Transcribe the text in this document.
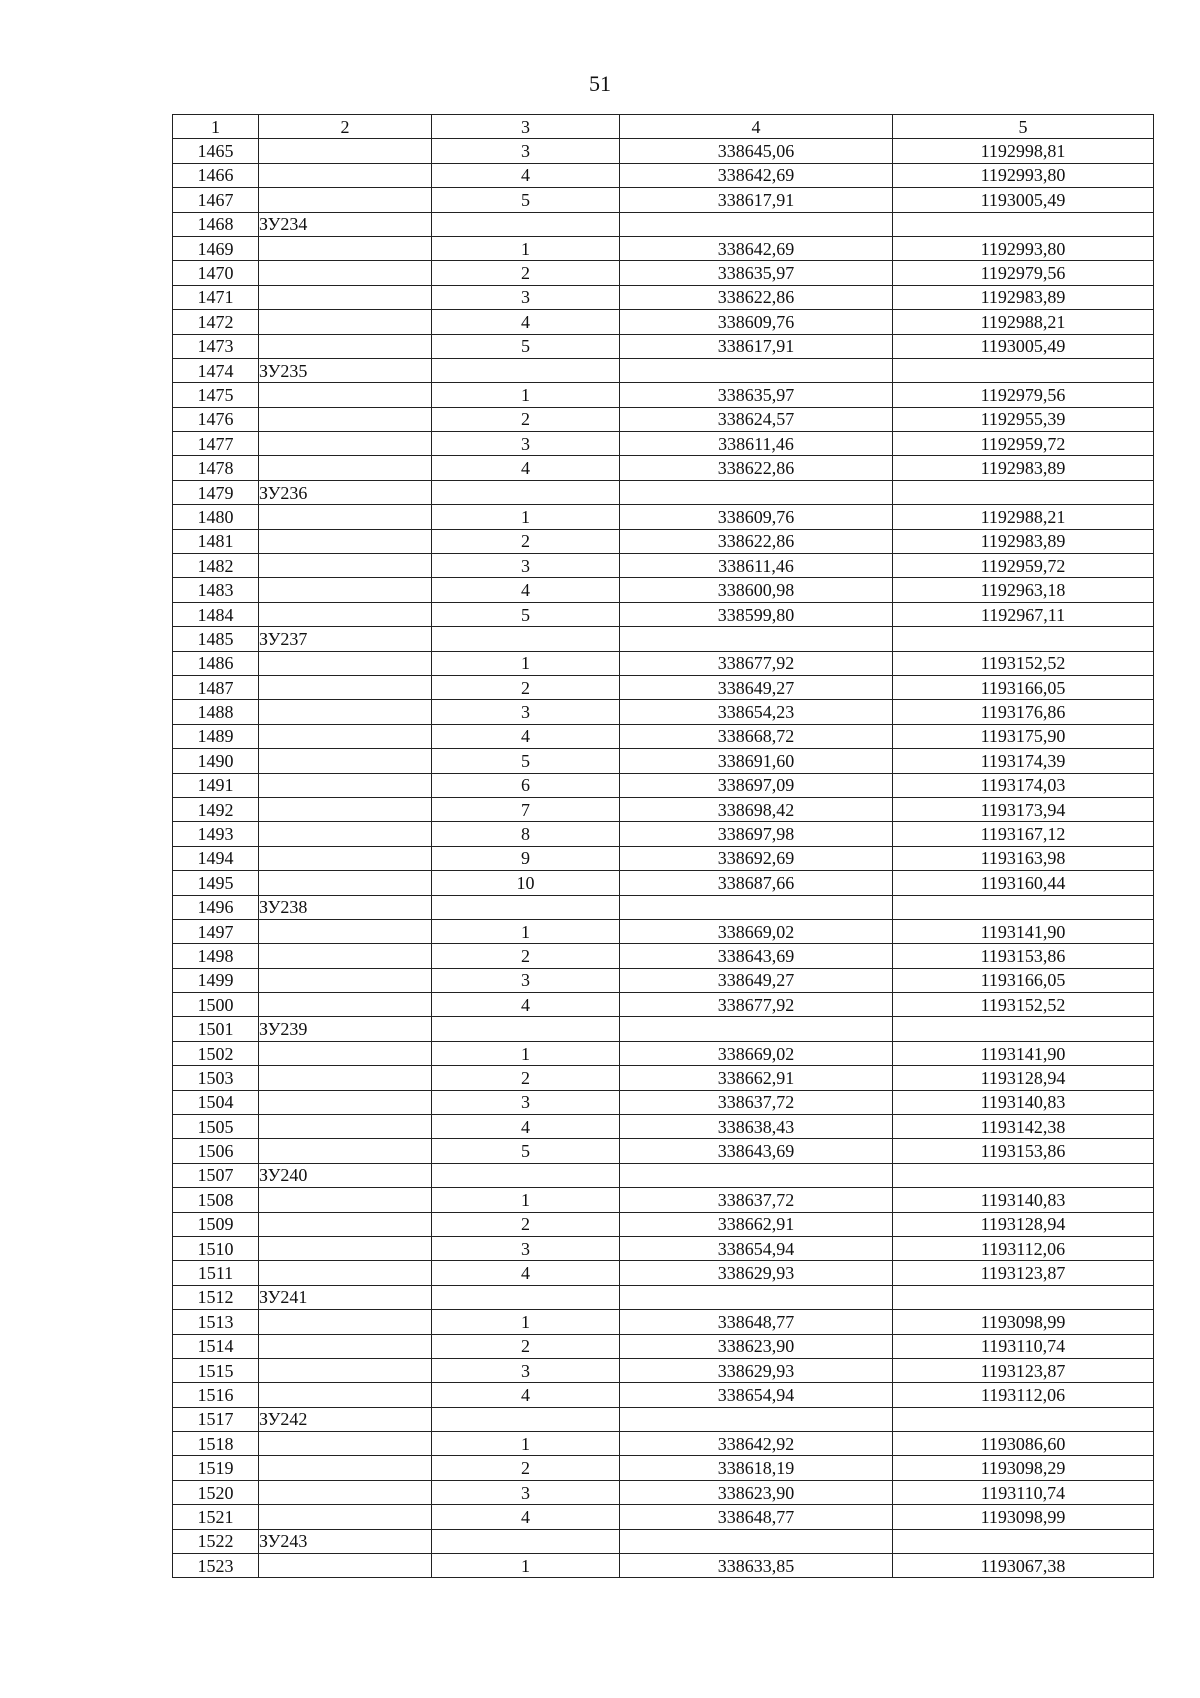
51
1	2	3	4	5
1465		3	338645,06	1192998,81
1466		4	338642,69	1192993,80
1467		5	338617,91	1193005,49
1468	ЗУ234			
1469		1	338642,69	1192993,80
1470		2	338635,97	1192979,56
1471		3	338622,86	1192983,89
1472		4	338609,76	1192988,21
1473		5	338617,91	1193005,49
1474	ЗУ235			
1475		1	338635,97	1192979,56
1476		2	338624,57	1192955,39
1477		3	338611,46	1192959,72
1478		4	338622,86	1192983,89
1479	ЗУ236			
1480		1	338609,76	1192988,21
1481		2	338622,86	1192983,89
1482		3	338611,46	1192959,72
1483		4	338600,98	1192963,18
1484		5	338599,80	1192967,11
1485	ЗУ237			
1486		1	338677,92	1193152,52
1487		2	338649,27	1193166,05
1488		3	338654,23	1193176,86
1489		4	338668,72	1193175,90
1490		5	338691,60	1193174,39
1491		6	338697,09	1193174,03
1492		7	338698,42	1193173,94
1493		8	338697,98	1193167,12
1494		9	338692,69	1193163,98
1495		10	338687,66	1193160,44
1496	ЗУ238			
1497		1	338669,02	1193141,90
1498		2	338643,69	1193153,86
1499		3	338649,27	1193166,05
1500		4	338677,92	1193152,52
1501	ЗУ239			
1502		1	338669,02	1193141,90
1503		2	338662,91	1193128,94
1504		3	338637,72	1193140,83
1505		4	338638,43	1193142,38
1506		5	338643,69	1193153,86
1507	ЗУ240			
1508		1	338637,72	1193140,83
1509		2	338662,91	1193128,94
1510		3	338654,94	1193112,06
1511		4	338629,93	1193123,87
1512	ЗУ241			
1513		1	338648,77	1193098,99
1514		2	338623,90	1193110,74
1515		3	338629,93	1193123,87
1516		4	338654,94	1193112,06
1517	ЗУ242			
1518		1	338642,92	1193086,60
1519		2	338618,19	1193098,29
1520		3	338623,90	1193110,74
1521		4	338648,77	1193098,99
1522	ЗУ243			
1523		1	338633,85	1193067,38
